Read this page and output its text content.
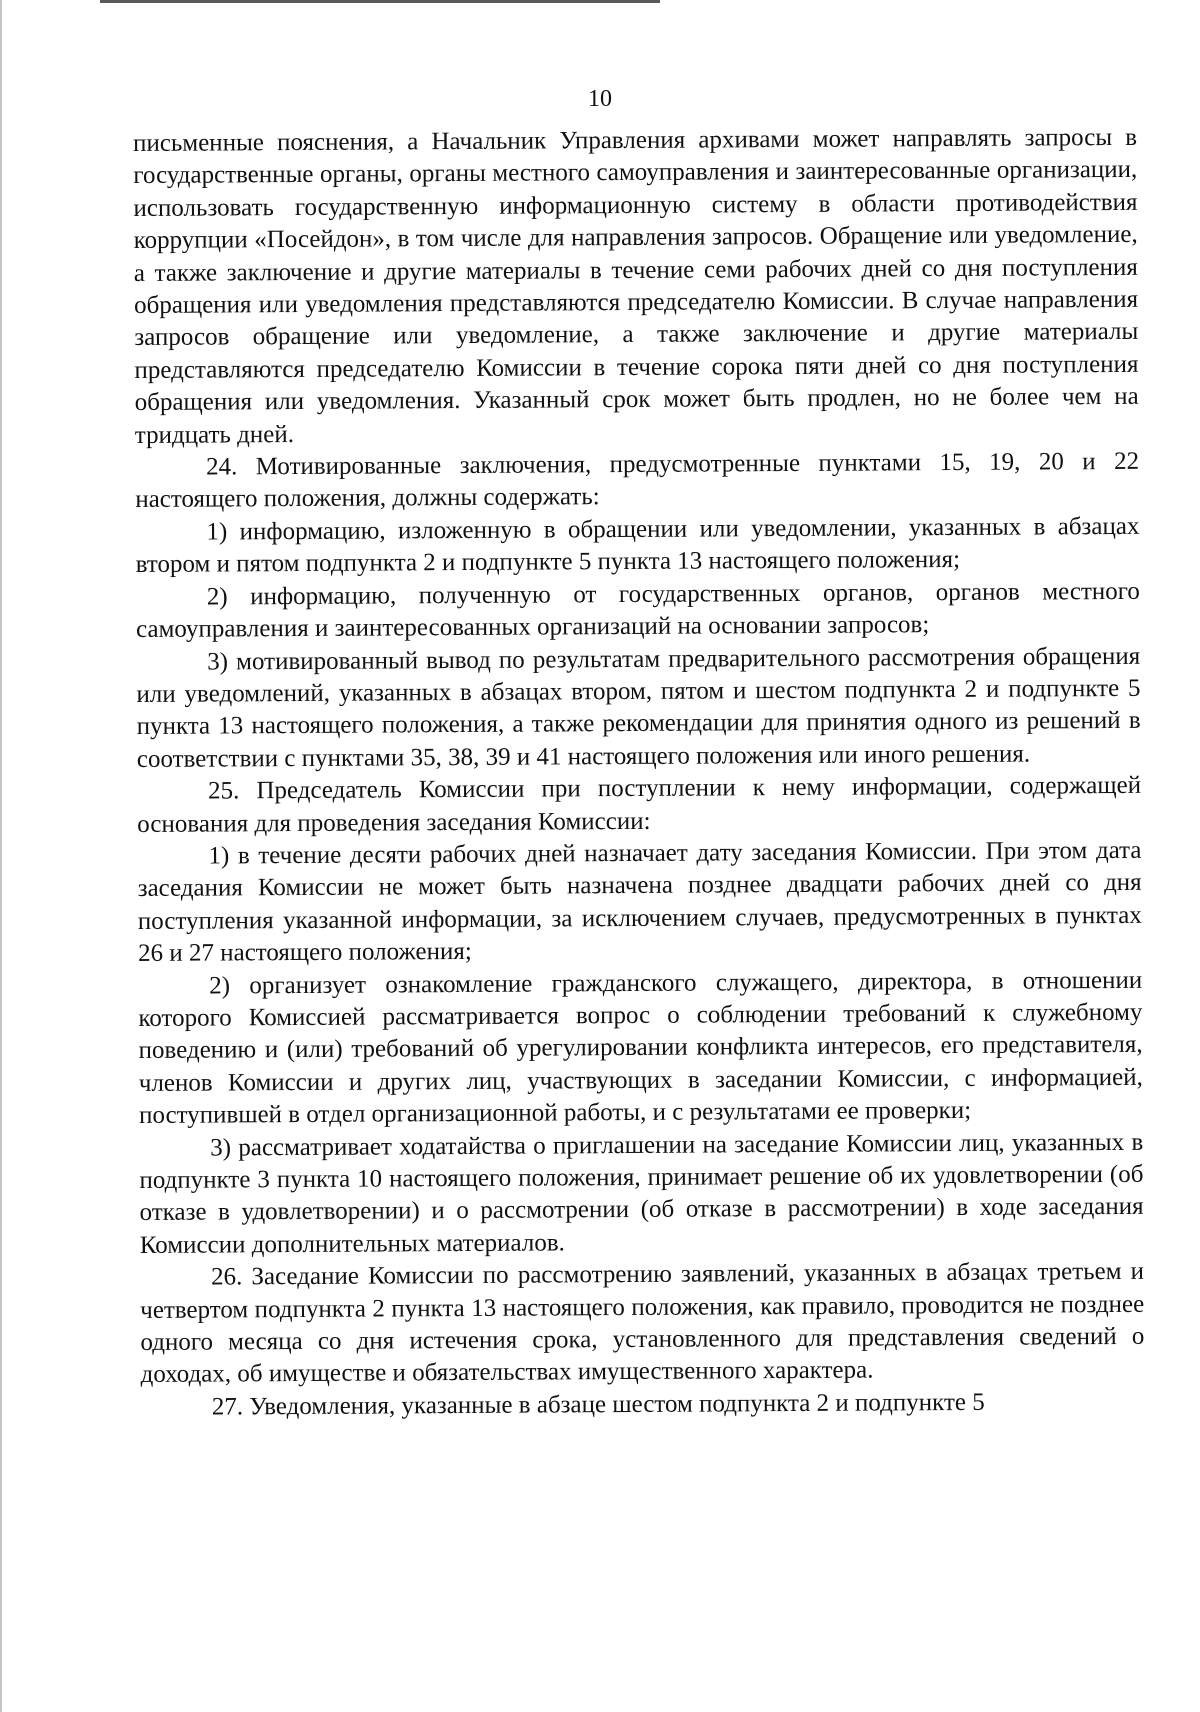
10

письменные пояснения, а Начальник Управления архивами может направлять запросы в государственные органы, органы местного самоуправления и заинтересованные организации, использовать государственную информационную систему в области противодействия коррупции «Посейдон», в том числе для направления запросов. Обращение или уведомление, а также заключение и другие материалы в течение семи рабочих дней со дня поступления обращения или уведомления представляются председателю Комиссии. В случае направления запросов обращение или уведомление, а также заключение и другие материалы представляются председателю Комиссии в течение сорока пяти дней со дня поступления обращения или уведомления. Указанный срок может быть продлен, но не более чем на тридцать дней.

24. Мотивированные заключения, предусмотренные пунктами 15, 19, 20 и 22 настоящего положения, должны содержать:

1) информацию, изложенную в обращении или уведомлении, указанных в абзацах втором и пятом подпункта 2 и подпункте 5 пункта 13 настоящего положения;

2) информацию, полученную от государственных органов, органов местного самоуправления и заинтересованных организаций на основании запросов;

3) мотивированный вывод по результатам предварительного рассмотрения обращения или уведомлений, указанных в абзацах втором, пятом и шестом подпункта 2 и подпункте 5 пункта 13 настоящего положения, а также рекомендации для принятия одного из решений в соответствии с пунктами 35, 38, 39 и 41 настоящего положения или иного решения.

25. Председатель Комиссии при поступлении к нему информации, содержащей основания для проведения заседания Комиссии:

1) в течение десяти рабочих дней назначает дату заседания Комиссии. При этом дата заседания Комиссии не может быть назначена позднее двадцати рабочих дней со дня поступления указанной информации, за исключением случаев, предусмотренных в пунктах 26 и 27 настоящего положения;

2) организует ознакомление гражданского служащего, директора, в отношении которого Комиссией рассматривается вопрос о соблюдении требований к служебному поведению и (или) требований об урегулировании конфликта интересов, его представителя, членов Комиссии и других лиц, участвующих в заседании Комиссии, с информацией, поступившей в отдел организационной работы, и с результатами ее проверки;

3) рассматривает ходатайства о приглашении на заседание Комиссии лиц, указанных в подпункте 3 пункта 10 настоящего положения, принимает решение об их удовлетворении (об отказе в удовлетворении) и о рассмотрении (об отказе в рассмотрении) в ходе заседания Комиссии дополнительных материалов.

26. Заседание Комиссии по рассмотрению заявлений, указанных в абзацах третьем и четвертом подпункта 2 пункта 13 настоящего положения, как правило, проводится не позднее одного месяца со дня истечения срока, установленного для представления сведений о доходах, об имуществе и обязательствах имущественного характера.

27. Уведомления, указанные в абзаце шестом подпункта 2 и подпункте 5
